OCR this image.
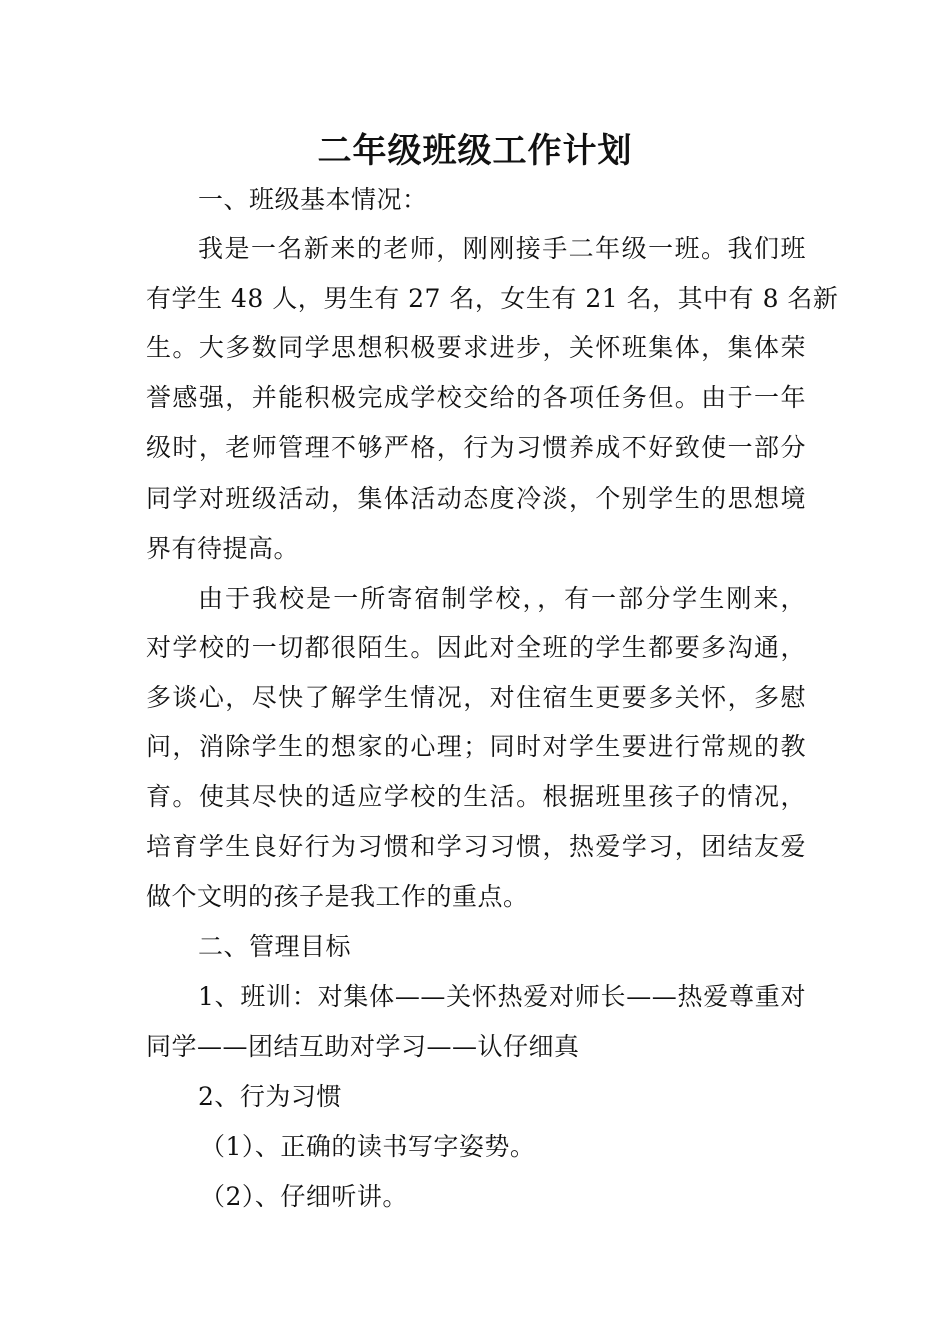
二年级班级工作计划
一、班级基本情况：
我是一名新来的老师，刚刚接手二年级一班。我们班
有学生 48 人，男生有 27 名，女生有 21 名，其中有 8 名新
生。大多数同学思想积极要求进步，关怀班集体，集体荣
誉感强，并能积极完成学校交给的各项任务但。由于一年
级时，老师管理不够严格，行为习惯养成不好致使一部分
同学对班级活动，集体活动态度冷淡，个别学生的思想境
界有待提高。
由于我校是一所寄宿制学校，，有一部分学生刚来，
对学校的一切都很陌生。因此对全班的学生都要多沟通，
多谈心，尽快了解学生情况，对住宿生更要多关怀，多慰
问，消除学生的想家的心理；同时对学生要进行常规的教
育。使其尽快的适应学校的生活。根据班里孩子的情况，
培育学生良好行为习惯和学习习惯，热爱学习，团结友爱
做个文明的孩子是我工作的重点。
二、管理目标
1、班训：对集体——关怀热爱对师长——热爱尊重对
同学——团结互助对学习——认仔细真
2、行为习惯
（1）、正确的读书写字姿势。
（2）、仔细听讲。
